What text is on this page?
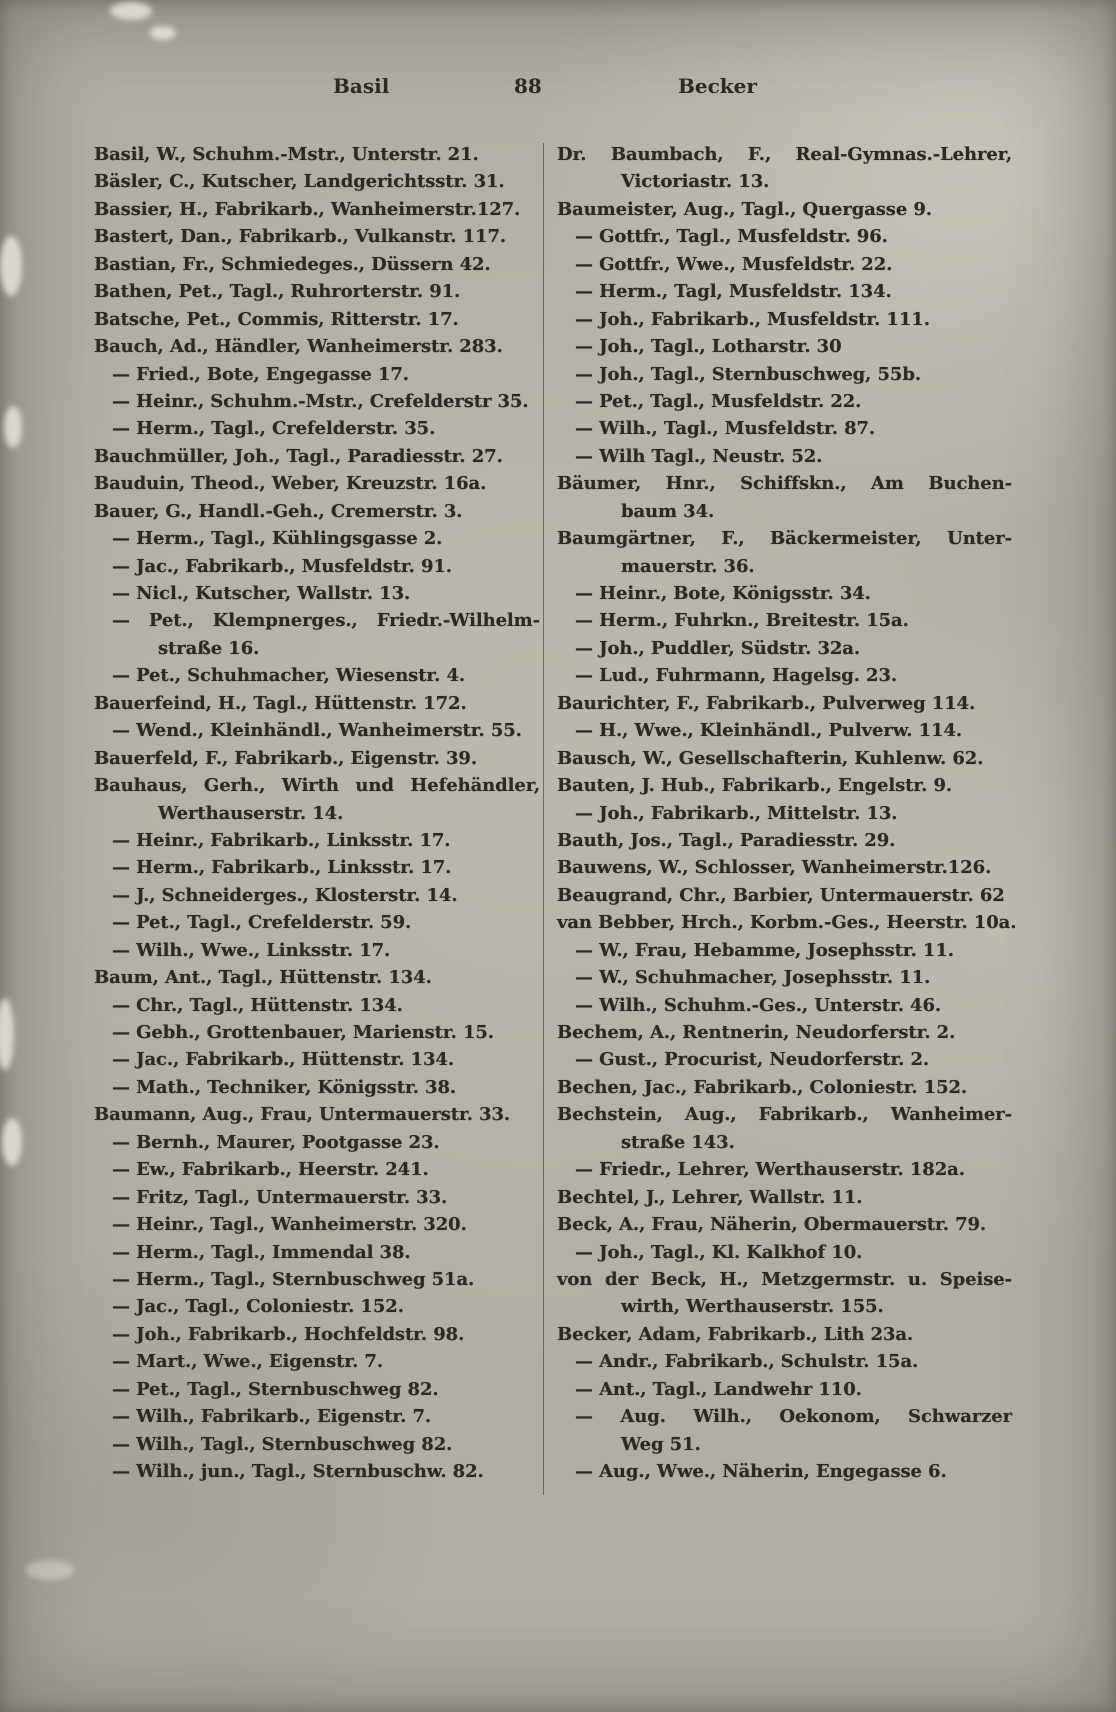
Basil	88	Becker
Basil, W., Schuhm.-Mstr., Unterstr. 21.
Bäsler, C., Kutscher, Landgerichtsstr. 31.
Bassier, H., Fabrikarb., Wanheimerstr.127.
Bastert, Dan., Fabrikarb., Vulkanstr. 117.
Bastian, Fr., Schmiedeges., Düssern 42.
Bathen, Pet., Tagl., Ruhrorterstr. 91.
Batsche, Pet., Commis, Ritterstr. 17.
Bauch, Ad., Händler, Wanheimerstr. 283.
— Fried., Bote, Engegasse 17.
— Heinr., Schuhm.-Mstr., Crefelderstr 35.
— Herm., Tagl., Crefelderstr. 35.
Bauchmüller, Joh., Tagl., Paradiesstr. 27.
Bauduin, Theod., Weber, Kreuzstr. 16a.
Bauer, G., Handl.-Geh., Cremerstr. 3.
— Herm., Tagl., Kühlingsgasse 2.
— Jac., Fabrikarb., Musfeldstr. 91.
— Nicl., Kutscher, Wallstr. 13.
— Pet., Klempnerges., Friedr.-Wilhelm-
straße 16.
— Pet., Schuhmacher, Wiesenstr. 4.
Bauerfeind, H., Tagl., Hüttenstr. 172.
— Wend., Kleinhändl., Wanheimerstr. 55.
Bauerfeld, F., Fabrikarb., Eigenstr. 39.
Bauhaus, Gerh., Wirth und Hefehändler,
Werthauserstr. 14.
— Heinr., Fabrikarb., Linksstr. 17.
— Herm., Fabrikarb., Linksstr. 17.
— J., Schneiderges., Klosterstr. 14.
— Pet., Tagl., Crefelderstr. 59.
— Wilh., Wwe., Linksstr. 17.
Baum, Ant., Tagl., Hüttenstr. 134.
— Chr., Tagl., Hüttenstr. 134.
— Gebh., Grottenbauer, Marienstr. 15.
— Jac., Fabrikarb., Hüttenstr. 134.
— Math., Techniker, Königsstr. 38.
Baumann, Aug., Frau, Untermauerstr. 33.
— Bernh., Maurer, Pootgasse 23.
— Ew., Fabrikarb., Heerstr. 241.
— Fritz, Tagl., Untermauerstr. 33.
— Heinr., Tagl., Wanheimerstr. 320.
— Herm., Tagl., Immendal 38.
— Herm., Tagl., Sternbuschweg 51a.
— Jac., Tagl., Coloniestr. 152.
— Joh., Fabrikarb., Hochfeldstr. 98.
— Mart., Wwe., Eigenstr. 7.
— Pet., Tagl., Sternbuschweg 82.
— Wilh., Fabrikarb., Eigenstr. 7.
— Wilh., Tagl., Sternbuschweg 82.
— Wilh., jun., Tagl., Sternbuschw. 82.
Dr. Baumbach, F., Real-Gymnas.-Lehrer,
Victoriastr. 13.
Baumeister, Aug., Tagl., Quergasse 9.
— Gottfr., Tagl., Musfeldstr. 96.
— Gottfr., Wwe., Musfeldstr. 22.
— Herm., Tagl, Musfeldstr. 134.
— Joh., Fabrikarb., Musfeldstr. 111.
— Joh., Tagl., Lotharstr. 30
— Joh., Tagl., Sternbuschweg, 55b.
— Pet., Tagl., Musfeldstr. 22.
— Wilh., Tagl., Musfeldstr. 87.
— Wilh Tagl., Neustr. 52.
Bäumer, Hnr., Schiffskn., Am Buchen-
baum 34.
Baumgärtner, F., Bäckermeister, Unter-
mauerstr. 36.
— Heinr., Bote, Königsstr. 34.
— Herm., Fuhrkn., Breitestr. 15a.
— Joh., Puddler, Südstr. 32a.
— Lud., Fuhrmann, Hagelsg. 23.
Baurichter, F., Fabrikarb., Pulverweg 114.
— H., Wwe., Kleinhändl., Pulverw. 114.
Bausch, W., Gesellschafterin, Kuhlenw. 62.
Bauten, J. Hub., Fabrikarb., Engelstr. 9.
— Joh., Fabrikarb., Mittelstr. 13.
Bauth, Jos., Tagl., Paradiesstr. 29.
Bauwens, W., Schlosser, Wanheimerstr.126.
Beaugrand, Chr., Barbier, Untermauerstr. 62
van Bebber, Hrch., Korbm.-Ges., Heerstr. 10a.
— W., Frau, Hebamme, Josephsstr. 11.
— W., Schuhmacher, Josephsstr. 11.
— Wilh., Schuhm.-Ges., Unterstr. 46.
Bechem, A., Rentnerin, Neudorferstr. 2.
— Gust., Procurist, Neudorferstr. 2.
Bechen, Jac., Fabrikarb., Coloniestr. 152.
Bechstein, Aug., Fabrikarb., Wanheimer-
straße 143.
— Friedr., Lehrer, Werthauserstr. 182a.
Bechtel, J., Lehrer, Wallstr. 11.
Beck, A., Frau, Näherin, Obermauerstr. 79.
— Joh., Tagl., Kl. Kalkhof 10.
von der Beck, H., Metzgermstr. u. Speise-
wirth, Werthauserstr. 155.
Becker, Adam, Fabrikarb., Lith 23a.
— Andr., Fabrikarb., Schulstr. 15a.
— Ant., Tagl., Landwehr 110.
— Aug. Wilh., Oekonom, Schwarzer
Weg 51.
— Aug., Wwe., Näherin, Engegasse 6.
